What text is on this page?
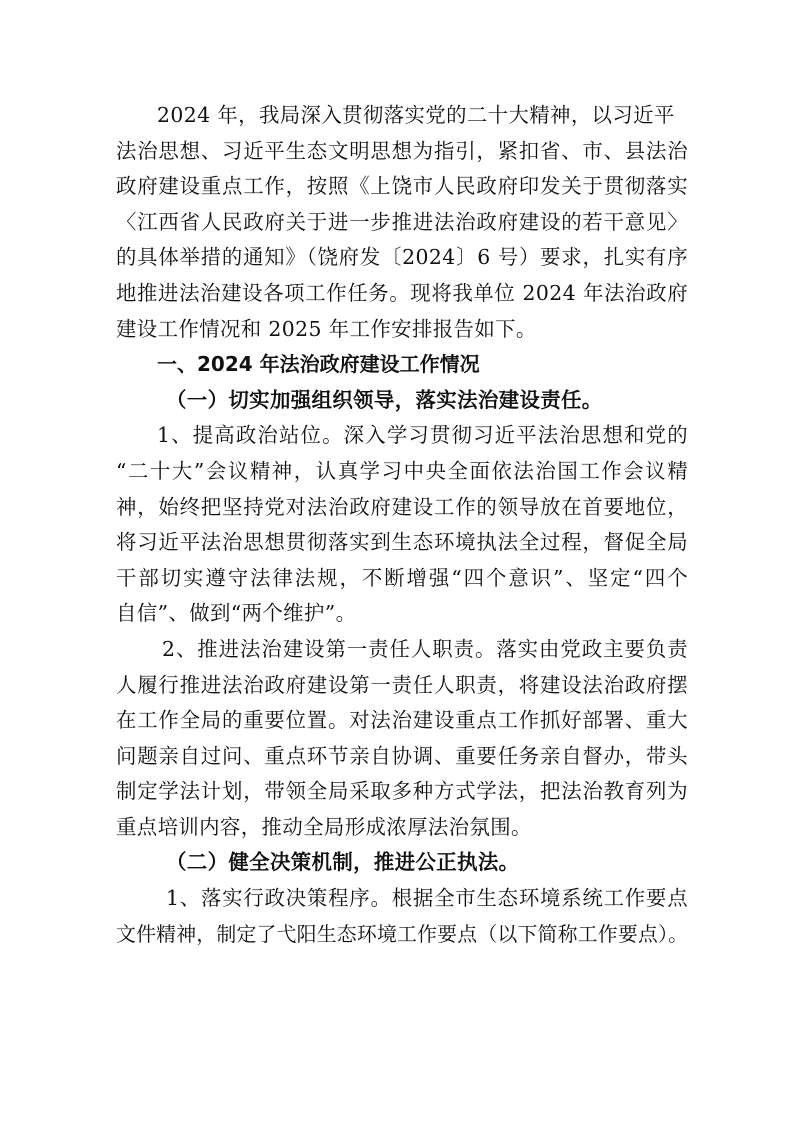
2024 年，我局深入贯彻落实党的二十大精神，以习近平
法治思想、习近平生态文明思想为指引，紧扣省、市、县法治
政府建设重点工作，按照《上饶市人民政府印发关于贯彻落实
〈江西省人民政府关于进一步推进法治政府建设的若干意见〉
的具体举措的通知》（饶府发〔2024〕6 号）要求，扎实有序
地推进法治建设各项工作任务。现将我单位 2024 年法治政府
建设工作情况和 2025 年工作安排报告如下。
一、2024 年法治政府建设工作情况
（一）切实加强组织领导，落实法治建设责任。
1、提高政治站位。深入学习贯彻习近平法治思想和党的
“二十大”会议精神，认真学习中央全面依法治国工作会议精
神，始终把坚持党对法治政府建设工作的领导放在首要地位，
将习近平法治思想贯彻落实到生态环境执法全过程，督促全局
干部切实遵守法律法规，不断增强“四个意识”、坚定“四个
自信”、做到“两个维护”。
2、推进法治建设第一责任人职责。落实由党政主要负责
人履行推进法治政府建设第一责任人职责，将建设法治政府摆
在工作全局的重要位置。对法治建设重点工作抓好部署、重大
问题亲自过问、重点环节亲自协调、重要任务亲自督办，带头
制定学法计划，带领全局采取多种方式学法，把法治教育列为
重点培训内容，推动全局形成浓厚法治氛围。
（二）健全决策机制，推进公正执法。
1、落实行政决策程序。根据全市生态环境系统工作要点
文件精神，制定了弋阳生态环境工作要点（以下简称工作要点）。
